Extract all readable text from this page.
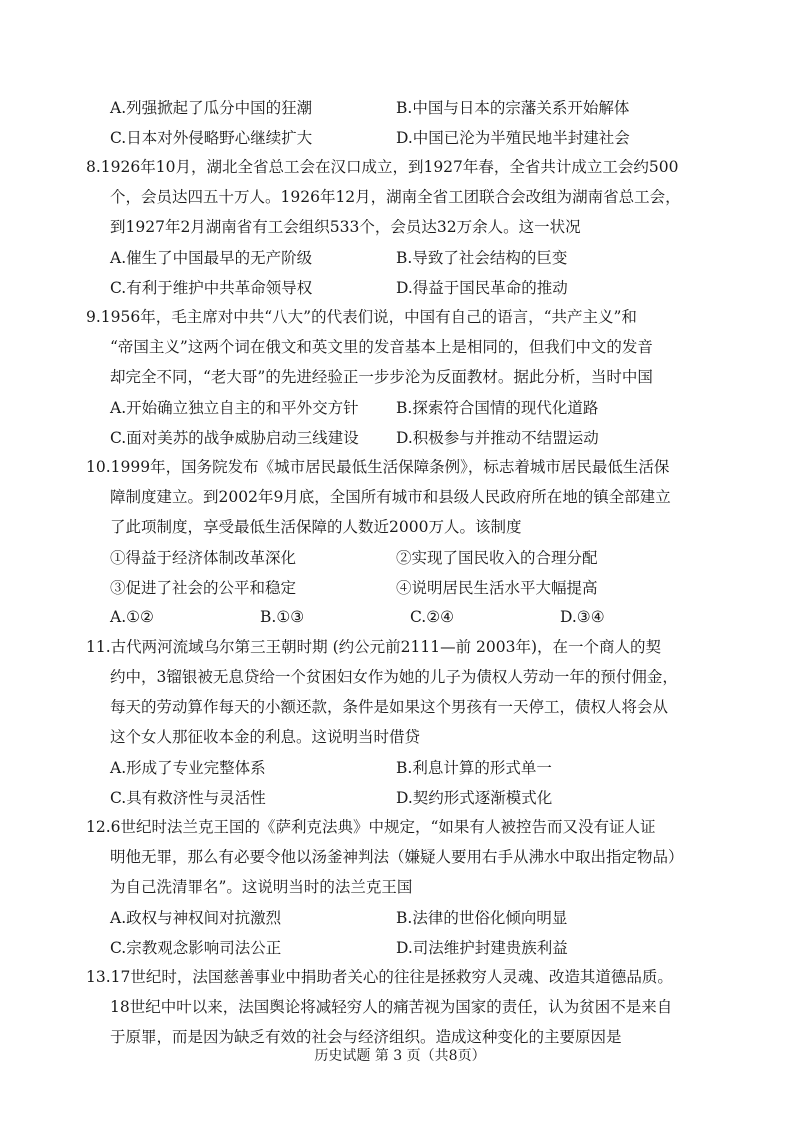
A.列强掀起了瓜分中国的狂潮	B.中国与日本的宗藩关系开始解体
C.日本对外侵略野心继续扩大	D.中国已沦为半殖民地半封建社会
8.1926年10月，湖北全省总工会在汉口成立，到1927年春，全省共计成立工会约500
个，会员达四五十万人。1926年12月，湖南全省工团联合会改组为湖南省总工会，
到1927年2月湖南省有工会组织533个，会员达32万余人。这一状况
A.催生了中国最早的无产阶级	B.导致了社会结构的巨变
C.有利于维护中共革命领导权	D.得益于国民革命的推动
9.1956年，毛主席对中共“八大”的代表们说，中国有自己的语言，“共产主义”和
“帝国主义”这两个词在俄文和英文里的发音基本上是相同的，但我们中文的发音
却完全不同，“老大哥”的先进经验正一步步沦为反面教材。据此分析，当时中国
A.开始确立独立自主的和平外交方针	B.探索符合国情的现代化道路
C.面对美苏的战争威胁启动三线建设	D.积极参与并推动不结盟运动
10.1999年，国务院发布《城市居民最低生活保障条例》，标志着城市居民最低生活保
障制度建立。到2002年9月底，全国所有城市和县级人民政府所在地的镇全部建立
了此项制度，享受最低生活保障的人数近2000万人。该制度
①得益于经济体制改革深化	②实现了国民收入的合理分配
③促进了社会的公平和稳定	④说明居民生活水平大幅提高
A.①②	B.①③	C.②④	D.③④
11.古代两河流域乌尔第三王朝时期 (约公元前2111—前 2003年)，在一个商人的契
约中，3镏银被无息贷给一个贫困妇女作为她的儿子为债权人劳动一年的预付佣金，
每天的劳动算作每天的小额还款，条件是如果这个男孩有一天停工，债权人将会从
这个女人那征收本金的利息。这说明当时借贷
A.形成了专业完整体系	B.利息计算的形式单一
C.具有救济性与灵活性	D.契约形式逐渐模式化
12.6世纪时法兰克王国的《萨利克法典》中规定，“如果有人被控告而又没有证人证
明他无罪，那么有必要令他以汤釜神判法（嫌疑人要用右手从沸水中取出指定物品）
为自己洗清罪名”。这说明当时的法兰克王国
A.政权与神权间对抗激烈	B.法律的世俗化倾向明显
C.宗教观念影响司法公正	D.司法维护封建贵族利益
13.17世纪时，法国慈善事业中捐助者关心的往往是拯救穷人灵魂、改造其道德品质。
18世纪中叶以来，法国舆论将减轻穷人的痛苦视为国家的责任，认为贫困不是来自
于原罪，而是因为缺乏有效的社会与经济组织。造成这种变化的主要原因是
历史试题 第 3 页（共8页）
